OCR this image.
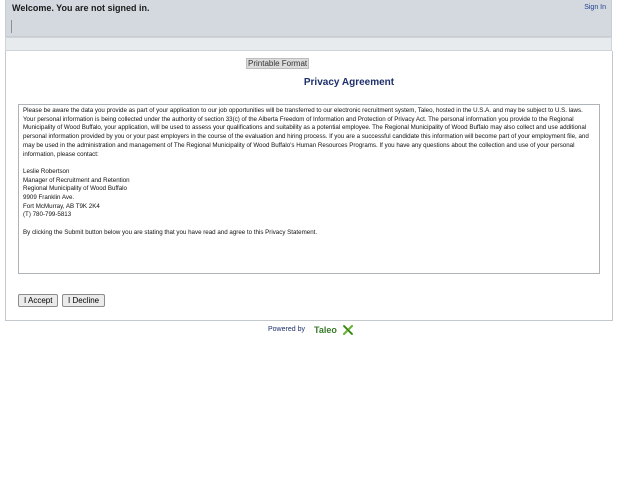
Welcome. You are not signed in.	Sign In
Printable Format
Privacy Agreement

Please be aware the data you provide as part of your application to our job opportunities will be transferred to our electronic recruitment system, Taleo, hosted in the U.S.A. and may be subject to U.S. laws. Your personal information is being collected under the authority of section 33(c) of the Alberta Freedom of Information and Protection of Privacy Act. The personal information you provide to the Regional Municipality of Wood Buffalo, your application, will be used to assess your qualifications and suitability as a potential employee. The Regional Municipality of Wood Buffalo may also collect and use additional personal information provided by you or your past employers in the course of the evaluation and hiring process. If you are a successful candidate this information will become part of your employment file, and may be used in the administration and management of The Regional Municipality of Wood Buffalo's Human Resources Programs. If you have any questions about the collection and use of your personal information, please contact:

Leslie Robertson
Manager of Recruitment and Retention
Regional Municipality of Wood Buffalo
9909 Franklin Ave.
Fort McMurray, AB T9K 2K4
(T) 780-799-5813

By clicking the Submit button below you are stating that you have read and agree to this Privacy Statement.

I Accept	I Decline
Powered by Taleo
